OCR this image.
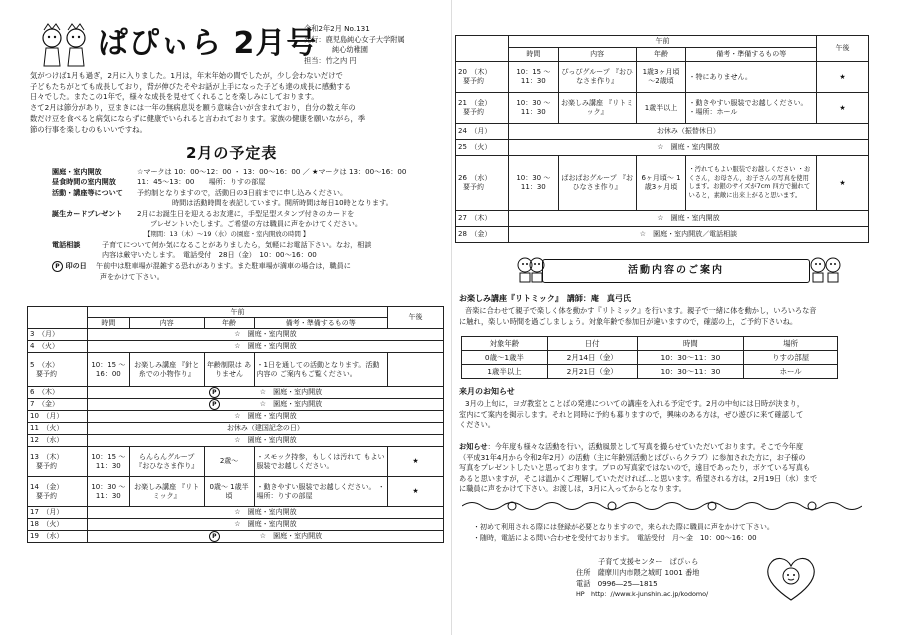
ぱぴぃら 2月号
令和2年2月 No.131
発行：鹿児島純心女子大学附属
純心幼稚園
担当：竹之内 円
気がつけば1月も過ぎ，2月に入りました。1月は，年末年始の間でしたが，少し会わないだけで
子どもたちがとても成長しており，背が伸びたそやお話が上手になった子ども達の成長に感動する
日々でした。またこの1年で，様々な成長を見せてくれることを楽しみにしております。
さて2月は節分があり，豆まきには一年の無病息災を願う意味合いが含まれており，自分の数え年の
数だけ豆を食べると病気にならずに健康でいられると言われております。家族の健康を願いながら，季
節の行事を楽しむのもいいですね。
2月の予定表
園庭・室内開放	☆マークは 10：00〜12：00 ・ 13：00〜16：00 ／ ★マークは 13：00〜16：00
昼食時間の室内開放	11：45〜13：00　　場所：りすの部屋
活動・講座等について	予約制となりますので，活動日の3日前までに申し込みください。
時間は活動時間を表記しています。開所時間は毎日10時となります。
誕生カードプレゼント	2月にお誕生日を迎えるお友達に，手型足型スタンプ付きのカードを
プレゼントいたします。ご希望の方は職員に声をかけてください。
【期間：13（木）〜19（水）の園庭・室内開放の時間 】
電話相談	子育てについて何か気になることがありましたら，気軽にお電話下さい。なお，相談
内容は厳守いたします。　電話受付　28日（金）　10：00〜16：00
P 印の日	午前中は駐車場が混雑する恐れがあります。また駐車場が満車の場合は，職員に
声をかけて下さい。
	午前				午後
	時間	内容	年齢	備考・準備するもの等	
3　（月）	☆　園庭・室内開放				
4　（火）	☆　園庭・室内開放				

5　（水）
要予約	10：15 〜 16：00	お楽しみ講座 『針と糸での小物作り』	年齢制限は ありません	・1日を通しての活動となります。活動内容の ご案内もご覧ください。	
6　（木）	P ☆　園庭・室内開放				
7　（金）	P ☆　園庭・室内開放				
10　（月）	☆　園庭・室内開放				
11　（火）	お休み（建国記念の日）				
12　（水）	☆　園庭・室内開放				

13　（木）
要予約	10：15 〜 11：30	らんらんグループ 『おひなさま作り』	2歳〜	・スモック持参，もしくは汚れて もよい服装でお越しください。	★

14　（金）
要予約	10：30 〜 11：30	お楽しみ講座 『リトミック』	0歳〜 1歳半頃	・動きやすい服装でお越しください。 ・場所：りすの部屋	★
17　（月）	☆　園庭・室内開放				
18　（火）	☆　園庭・室内開放				
19　（水）	P ☆　園庭・室内開放				
	午前				午後
	時間	内容	年齢	備考・準備するもの等	

20　（木）
要予約	10：15 〜 11：30	ぴっぴグループ 『おひなさま作り』	1歳3ヶ月頃 〜2歳頃	・特にありません。	★

21　（金）
要予約	10：30 〜 11：30	お楽しみ講座 『リトミック』	1歳半以上	・動きやすい服装でお越しください。 ・場所：ホール	★
24　（月）	お休み（振替休日）				
25　（火）	☆　園庭・室内開放				

26　（水）
要予約	10：30 〜 11：30	ばおばおグループ 『おひなさま作り』	6ヶ月頃〜 1歳3ヶ月頃	・汚れてもよい服装でお越しください ・おくさん，お母さん，お子さんの写真を使用します。お銀のサイズが7cm 四方で撮れていると，素敵に出来上がると思います。	★
27　（木）	☆　園庭・室内開放				
28　（金）	☆　園庭・室内開放／電話相談				
活動内容のご案内
お楽しみ講座『リトミック』　講師：庵　真弓氏
音楽に合わせて親子で楽しく体を動かす『リトミック』を行います。親子で一緒に体を動かし，いろいろな音
に触れ，楽しい時間を過ごしましょう。対象年齢で参加日が違いますので，確認の上，ご予約下さいね。
対象年齢	日付	時間	場所
0歳〜1歳半	2月14日（金）	10：30〜11：30	りすの部屋
1歳半以上	2月21日（金）	10：30〜11：30	ホール
来月のお知らせ
3月の上旬に，ヨガ教室とことばの発達についての講座を入れる予定です。2月の中旬には日時が決まり，
室内にて案内を掲示します。それと同時に予約も募りますので，興味のある方は，ぜひ遊びに来て確認して
ください。
お知らせ：今年度も様々な活動を行い，活動風景として写真を撮らせていただいております。そこで今年度
（平成31年4月から令和2年2月）の活動（主に年齢別活動とぱぴぃらクラブ）に参加された方に，お子様の
写真をプレゼントしたいと思っております。プロの写真家ではないので，遠目であったり，ボケている写真も
あると思いますが，そこは温かくご理解していただければ…と思います。希望される方は，2月19日（水）まで
に職員に声をかけて下さい。お渡しは，3月に入ってからとなります。
・初めて利用される際には登録が必要となりますので，来られた際に職員に声をかけて下さい。
・随時，電話による問い合わせを受付ております。　電話受付　月〜金　10：00〜16：00
子育て支援センター　ぱぴぃら
住所　薩摩川内市隈之城町 1001 番地
電話　0996―25―1815
HP　http：//www.k-junshin.ac.jp/kodomo/
